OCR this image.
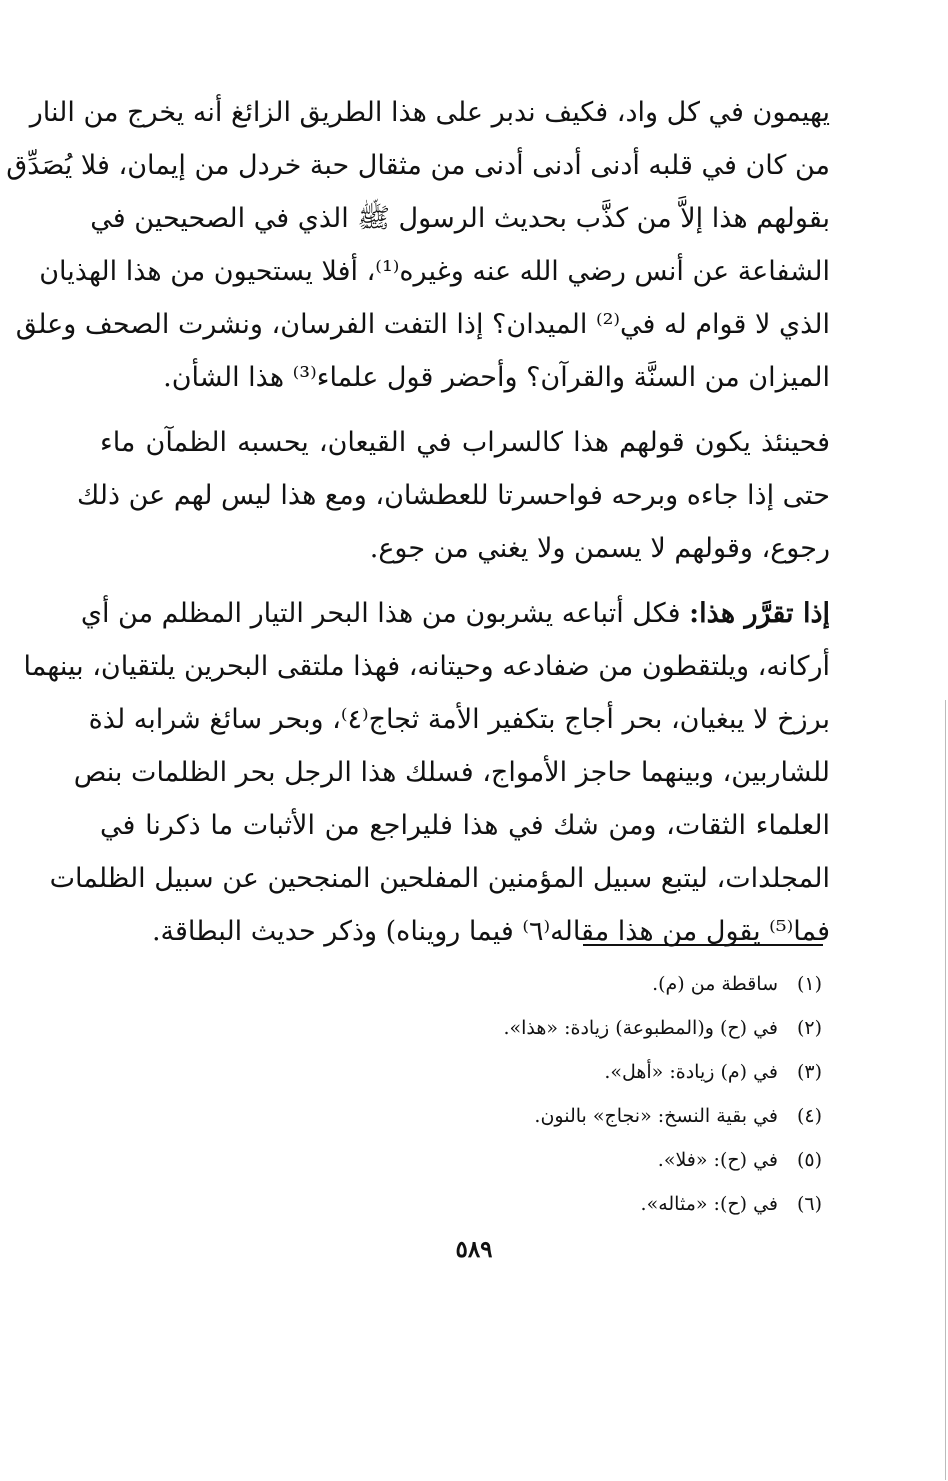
يهيمون في كل واد، فكيف ندبر على هذا الطريق الزائغ أنه يخرج من النار
من كان في قلبه أدنى أدنى أدنى من مثقال حبة خردل من إيمان، فلا يُصَدِّق
بقولهم هذا إلاَّ من كذَّب بحديث الرسول ﷺ الذي في الصحيحين في
الشفاعة عن أنس رضي الله عنه وغيره⁽¹⁾، أفلا يستحيون من هذا الهذيان
الذي لا قوام له في⁽²⁾ الميدان؟ إذا التفت الفرسان، ونشرت الصحف وعلق
الميزان من السنَّة والقرآن؟ وأحضر قول علماء⁽³⁾ هذا الشأن.

فحينئذ يكون قولهم هذا كالسراب في القيعان، يحسبه الظمآن ماء
حتى إذا جاءه وبرحه فواحسرتا للعطشان، ومع هذا ليس لهم عن ذلك
رجوع، وقولهم لا يسمن ولا يغني من جوع.

إذا تقرَّر هذا: فكل أتباعه يشربون من هذا البحر التيار المظلم من أي
أركانه، ويلتقطون من ضفادعه وحيتانه، فهذا ملتقى البحرين يلتقيان، بينهما
برزخ لا يبغيان، بحر أجاج بتكفير الأمة ثجاج⁽٤⁾، وبحر سائغ شرابه لذة
للشاربين، وبينهما حاجز الأمواج، فسلك هذا الرجل بحر الظلمات بنص
العلماء الثقات، ومن شك في هذا فليراجع من الأثبات ما ذكرنا في
المجلدات، ليتبع سبيل المؤمنين المفلحين المنجحين عن سبيل الظلمات
فما⁽⁵⁾ يقول من هذا مقاله⁽٦⁾ فيما رويناه) وذكر حديث البطاقة.

(١)ساقطة من (م).
(٢)في (ح) و(المطبوعة) زيادة: «هذا».
(٣)في (م) زيادة: «أهل».
(٤)في بقية النسخ: «نجاج» بالنون.
(٥)في (ح): «فلا».
(٦)في (ح): «مثاله».
٥٨٩
